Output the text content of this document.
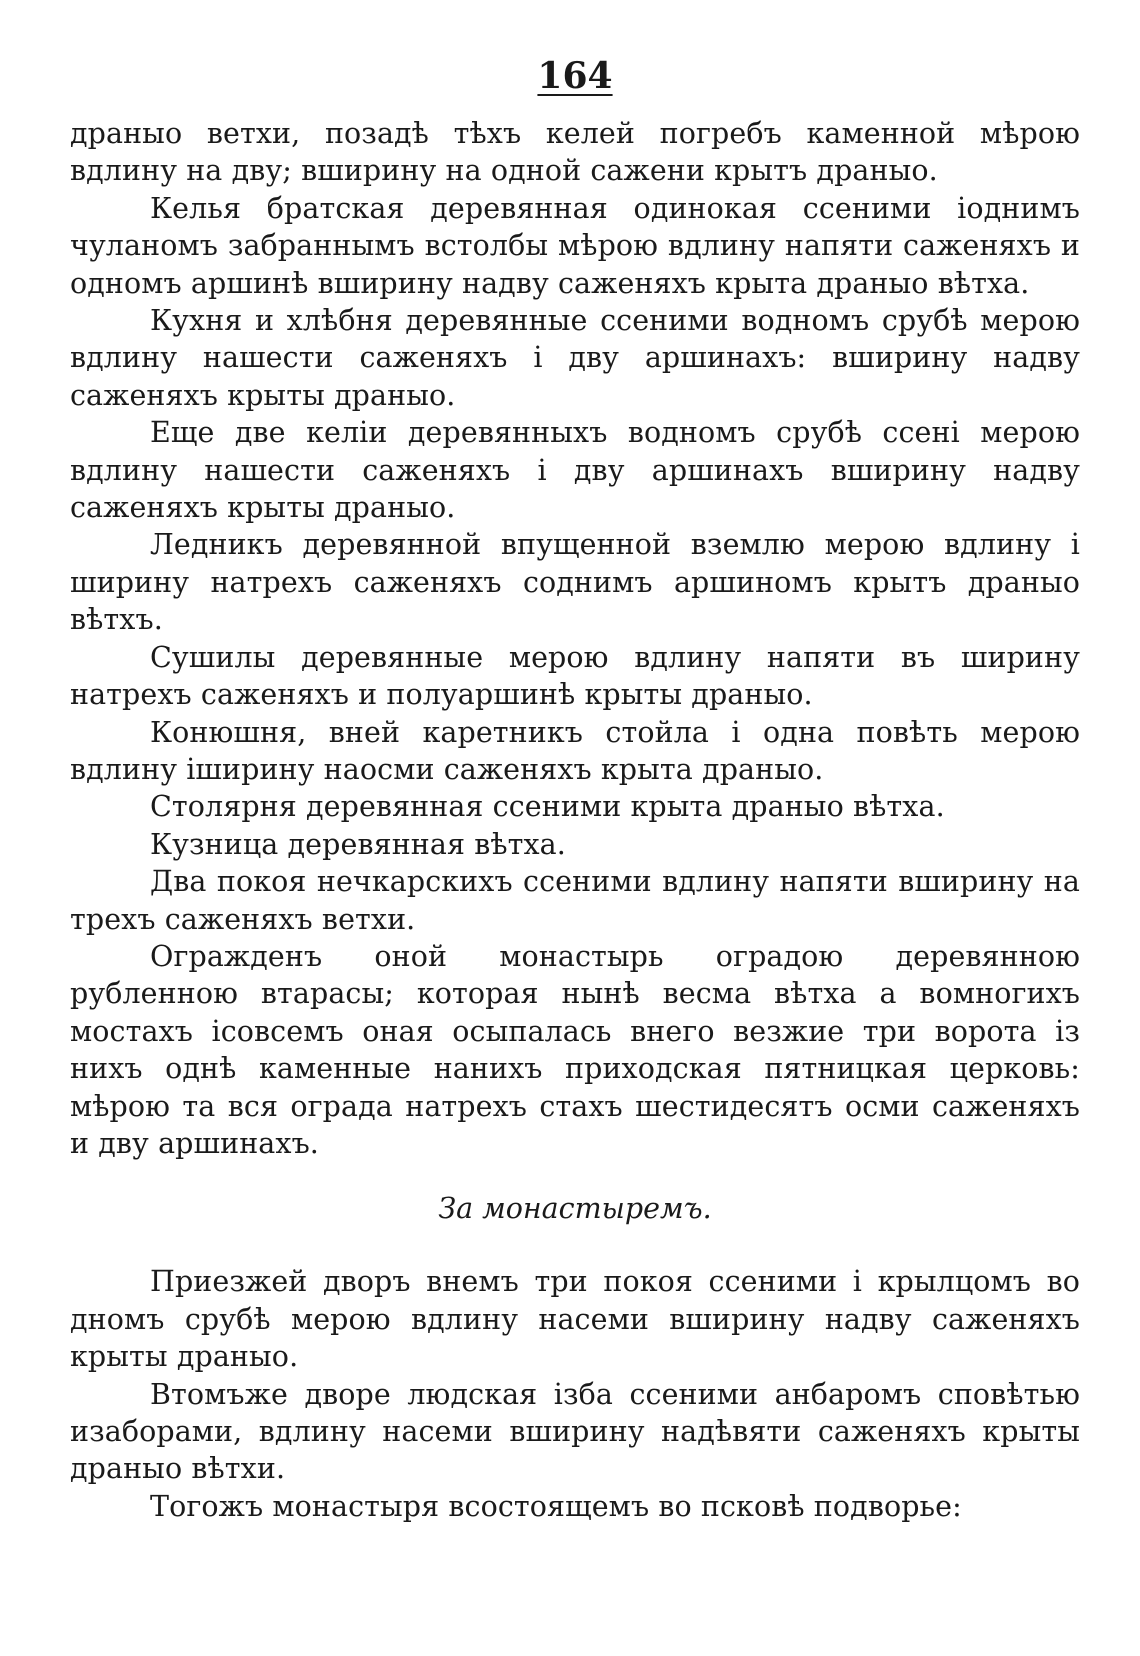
164

драныо ветхи, позадѣ тѣхъ келей погребъ каменной мѣрою вдлину на дву; вширину на одной сажени крытъ драныо.

Келья братская деревянная одинокая ссеними іоднимъ чуланомъ забраннымъ встолбы мѣрою вдлину напяти саженяхъ и одномъ аршинѣ вширину надву саженяхъ крыта драныо вѣтха.

Кухня и хлѣбня деревянные ссеними водномъ срубѣ мерою вдлину нашести саженяхъ і дву аршинахъ: вширину надву саженяхъ крыты драныо.

Еще две келіи деревянныхъ водномъ срубѣ ссені мерою вдлину нашести саженяхъ і дву аршинахъ вширину надву саженяхъ крыты драныо.

Ледникъ деревянной впущенной вземлю мерою вдлину і ширину натрехъ саженяхъ соднимъ аршиномъ крытъ драныо вѣтхъ.

Сушилы деревянные мерою вдлину напяти въ ширину натрехъ саженяхъ и полуаршинѣ крыты драныо.

Конюшня, вней каретникъ стойла і одна повѣть мерою вдлину іширину наосми саженяхъ крыта драныо.

Столярня деревянная ссеними крыта драныо вѣтха.

Кузница деревянная вѣтха.

Два покоя нечкарскихъ ссеними вдлину напяти вширину на трехъ саженяхъ ветхи.

Огражденъ оной монастырь оградою деревянною рубленною втарасы; которая нынѣ весма вѣтха а вомногихъ мостахъ ісовсемъ оная осыпалась внего везжие три ворота із нихъ однѣ каменные нанихъ приходская пятницкая церковь: мѣрою та вся ограда натрехъ стахъ шестидесятъ осми саженяхъ и дву аршинахъ.

За монастыремъ.

Приезжей дворъ внемъ три покоя ссеними і крылцомъ во дномъ срубѣ мерою вдлину насеми вширину надву саженяхъ крыты драныо.

Втомъже дворе людская ізба ссеними анбаромъ сповѣтью изаборами, вдлину насеми вширину надѣвяти саженяхъ крыты драныо вѣтхи.

Тогожъ монастыря всостоящемъ во псковѣ подворье:
